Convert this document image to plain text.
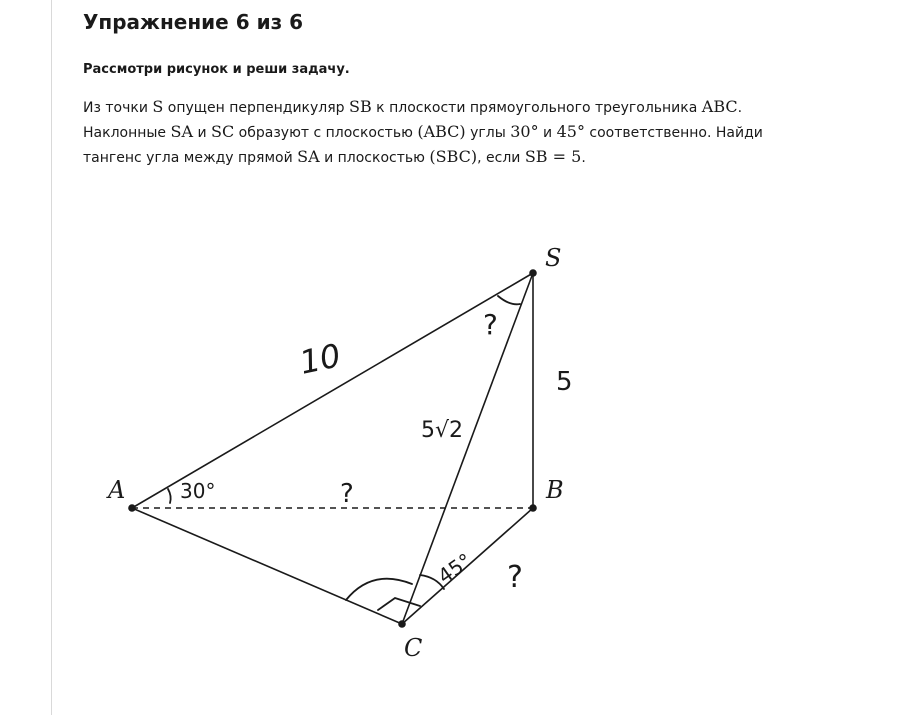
Упражнение 6 из 6

Рассмотри рисунок и реши задачу.

Из точки S опущен перпендикуляр SB к плоскости прямоугольного треугольника ABC. Наклонные SA и SC образуют с плоскостью (ABC) углы 30° и 45° соответственно. Найди тангенс угла между прямой SA и плоскостью (SBC), если SB = 5.

A
S
B
C
10
5
5√2
?
?
?
30°
45°
